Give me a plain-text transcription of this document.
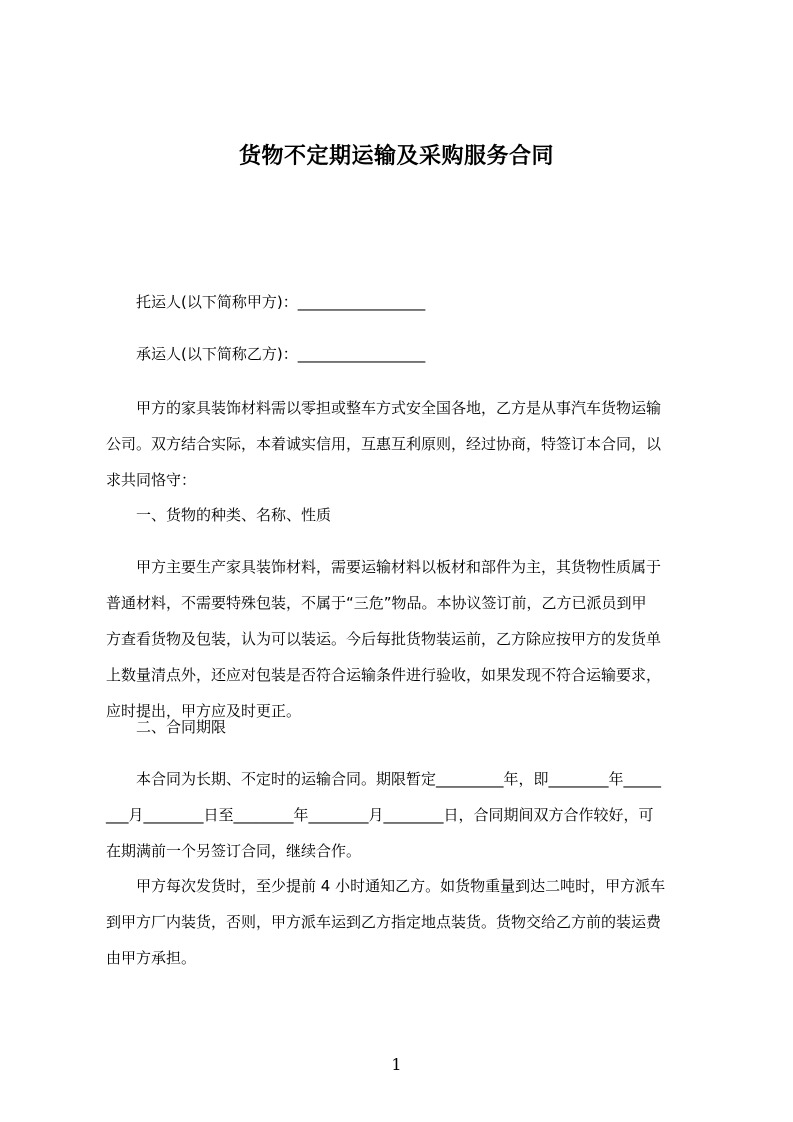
货物不定期运输及采购服务合同

托运人(以下简称甲方)：_________________

承运人(以下简称乙方)：_________________

甲方的家具装饰材料需以零担或整车方式安全国各地，乙方是从事汽车货物运输
公司。双方结合实际，本着诚实信用，互惠互利原则，经过协商，特签订本合同，以
求共同恪守：

一、货物的种类、名称、性质

甲方主要生产家具装饰材料，需要运输材料以板材和部件为主，其货物性质属于
普通材料，不需要特殊包装，不属于“三危”物品。本协议签订前，乙方已派员到甲
方查看货物及包装，认为可以装运。今后每批货物装运前，乙方除应按甲方的发货单
上数量清点外，还应对包装是否符合运输条件进行验收，如果发现不符合运输要求，
应时提出，甲方应及时更正。

二、合同期限

本合同为长期、不定时的运输合同。期限暂定_________年，即________年_____
___月________日至________年________月________日，合同期间双方合作较好，可
在期满前一个另签订合同，继续合作。
甲方每次发货时，至少提前 4 小时通知乙方。如货物重量到达二吨时，甲方派车
到甲方厂内装货，否则，甲方派车运到乙方指定地点装货。货物交给乙方前的装运费
由甲方承担。
1
